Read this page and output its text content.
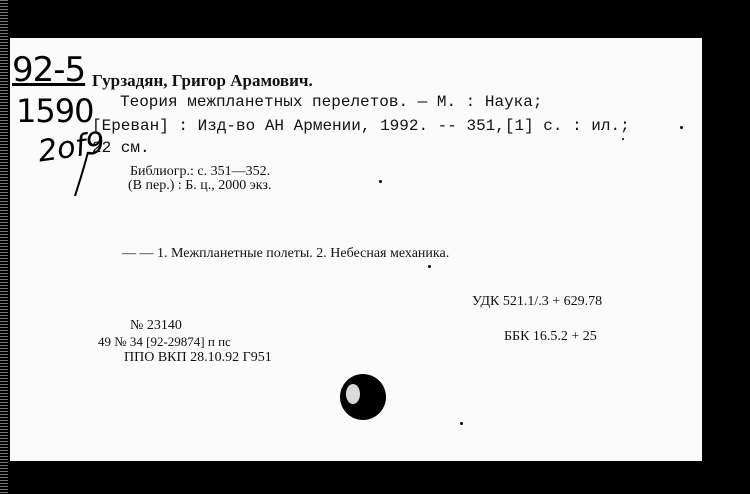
92-5
1590
2of9
Гурзадян, Григор Арамович.
Теория межпланетных перелетов. — М. : Наука;
[Ереван] : Изд-во АН Армении, 1992. -- 351,[1] с. : ил.;
22 см.
Библиогр.: с. 351—352.
(В пер.) : Б. ц., 2000 экз.
— — 1. Межпланетные полеты. 2. Небесная механика.
УДК 521.1/.3 + 629.78
ББК 16.5.2 + 25
№ 23140
49 № 34 [92-29874] п пс
ППО ВКП 28.10.92 Г951
